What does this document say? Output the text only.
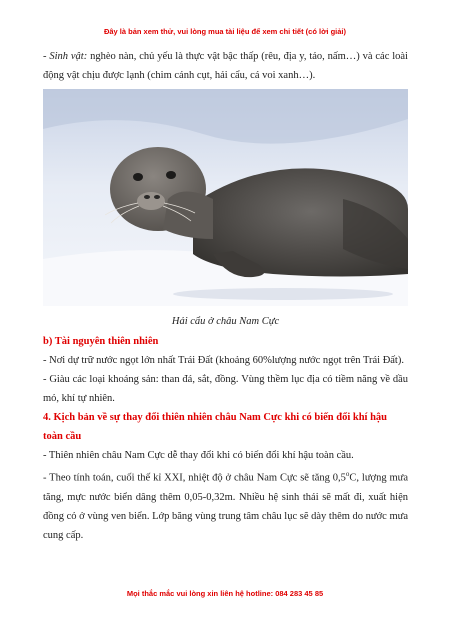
Đây là bản xem thử, vui lòng mua tài liệu để xem chi tiết (có lời giải)

- Sinh vật: nghèo nàn, chủ yếu là thực vật bậc thấp (rêu, địa y, tảo, nấm…) và các loài động vật chịu được lạnh (chim cánh cụt, hải cẩu, cá voi xanh…).

Hải cẩu ở châu Nam Cực
b) Tài nguyên thiên nhiên

- Nơi dự trữ nước ngọt lớn nhất Trái Đất (khoảng 60%lượng nước ngọt trên Trái Đất).

- Giàu các loại khoáng sản: than đá, sắt, đồng. Vùng thềm lục địa có tiềm năng về dầu mỏ, khí tự nhiên.

4. Kịch bản về sự thay đổi thiên nhiên châu Nam Cực khi có biến đổi khí hậu toàn cầu

- Thiên nhiên châu Nam Cực dễ thay đổi khi có biến đổi khí hậu toàn cầu.

- Theo tính toán, cuối thế kỉ XXI, nhiệt độ ở châu Nam Cực sẽ tăng 0,5$^o$C, lượng mưa tăng, mực nước biển dâng thêm 0,05-0,32m. Nhiều hệ sinh thái sẽ mất đi, xuất hiện đồng cỏ ở vùng ven biển. Lớp băng vùng trung tâm châu lục sẽ dày thêm do nước mưa cung cấp.

Mọi thắc mắc vui lòng xin liên hệ hotline: 084 283 45 85
